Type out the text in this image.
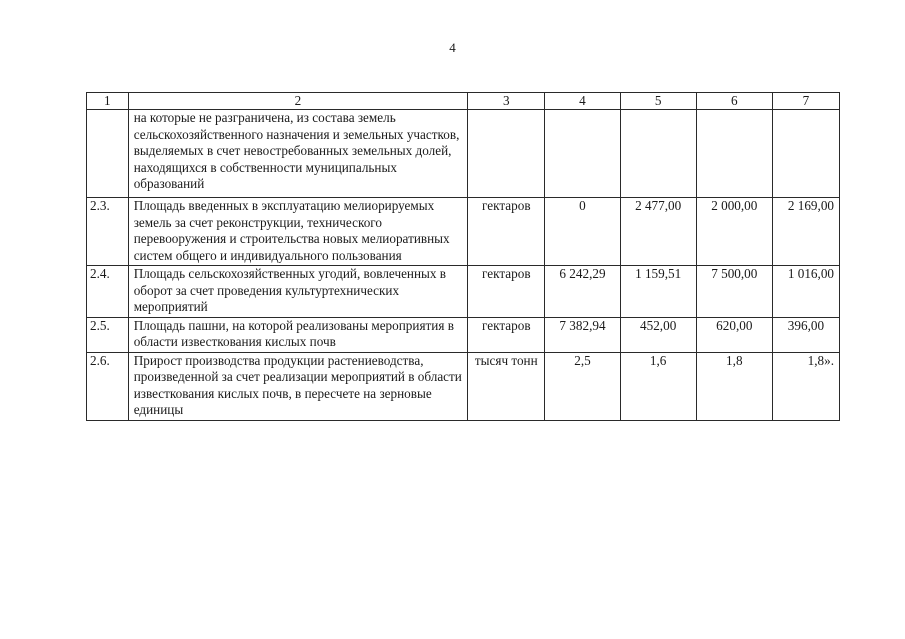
4
1	2	3	4	5	6	7
	на которые не разграничена, из состава земель сельскохозяйственного назначения и земельных участков, выделяемых в счет невостребованных земельных долей, находящихся в собственности муниципальных образований					
2.3.	Площадь введенных в эксплуатацию мелиорируемых земель за счет реконструкции, технического перевооружения и строительства новых мелиоративных систем общего и индивидуального пользования	гектаров	0	2 477,00	2 000,00	2 169,00
2.4.	Площадь сельскохозяйственных угодий, вовлеченных в оборот за счет проведения культуртехнических мероприятий	гектаров	6 242,29	1 159,51	7 500,00	1 016,00
2.5.	Площадь пашни, на которой реализованы мероприятия в области известкования кислых почв	гектаров	7 382,94	452,00	620,00	396,00
2.6.	Прирост производства продукции растениеводства, произведенной за счет реализации мероприятий в области известкования кислых почв, в пересчете на зерновые единицы	тысяч тонн	2,5	1,6	1,8	1,8».
